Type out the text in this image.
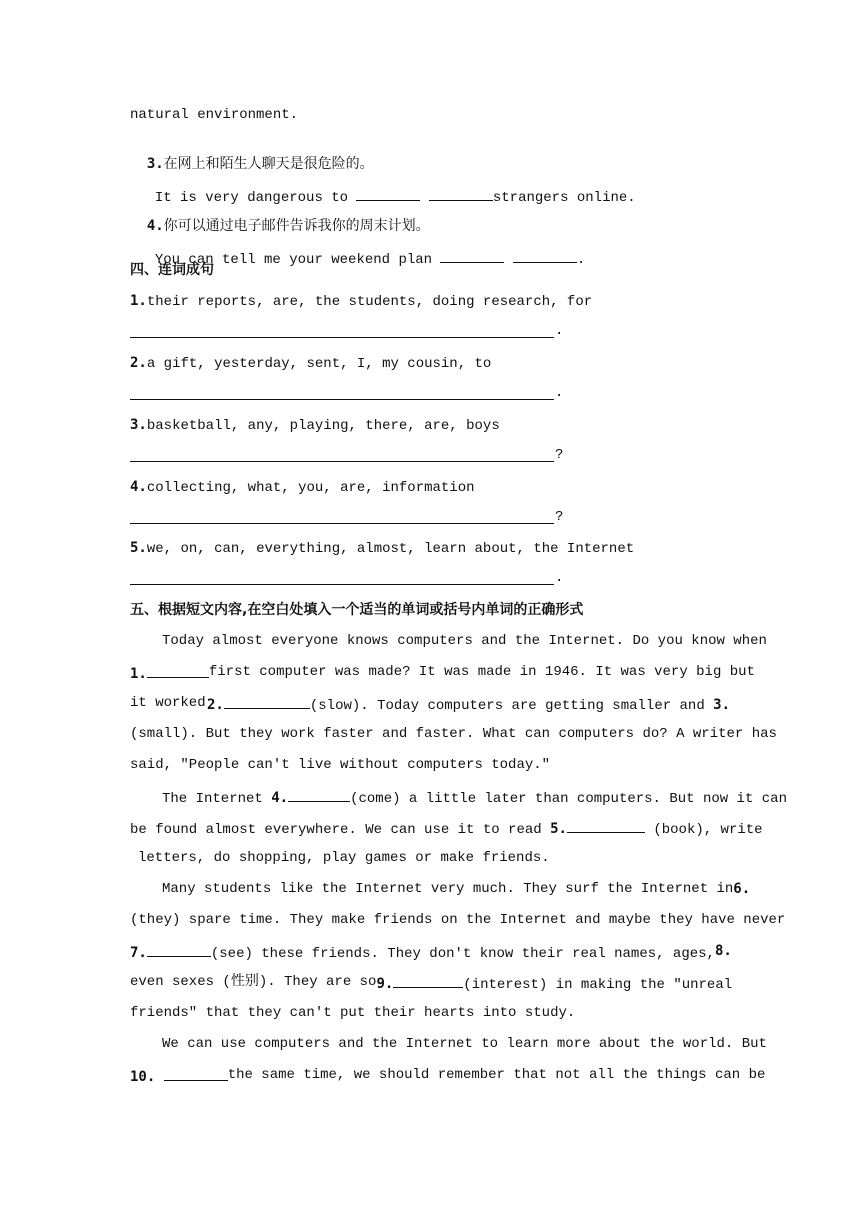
natural environment.

3.在网上和陌生人聊天是很危险的。

It is very dangerous to	strangers online.

4.你可以通过电子邮件告诉我你的周末计划。

You can tell me your weekend plan	.

四、连词成句
1.their reports, are, the students, doing research, for
.
2.a gift, yesterday, sent, I, my cousin, to
.
3.basketball, any, playing, there, are, boys
?
4.collecting, what, you, are, information
?
5.we, on, can, everything, almost, learn about, the Internet
.
五、根据短文内容,在空白处填入一个适当的单词或括号内单词的正确形式
Today almost everyone knows computers and the Internet. Do you know when
1.	first computer was made? It was made in 1946. It was very big but
it worked 2.	(slow). Today computers are getting smaller and 3.
(small). But they work faster and faster. What can computers do? A writer has
said, "People can't live without computers today."
The Internet 4.	(come) a little later than computers. But now it can
be found almost everywhere. We can use it to read 5.	(book), write
letters, do shopping, play games or make friends.
Many students like the Internet very much. They surf the Internet in 6.
(they) spare time. They make friends on the Internet and maybe they have never
7.	(see) these friends. They don't know their real names, ages, 8.
even sexes (性别). They are so 9.	(interest) in making the "unreal
friends" that they can't put their hearts into study.
We can use computers and the Internet to learn more about the world. But
10.	the same time, we should remember that not all the things can be
